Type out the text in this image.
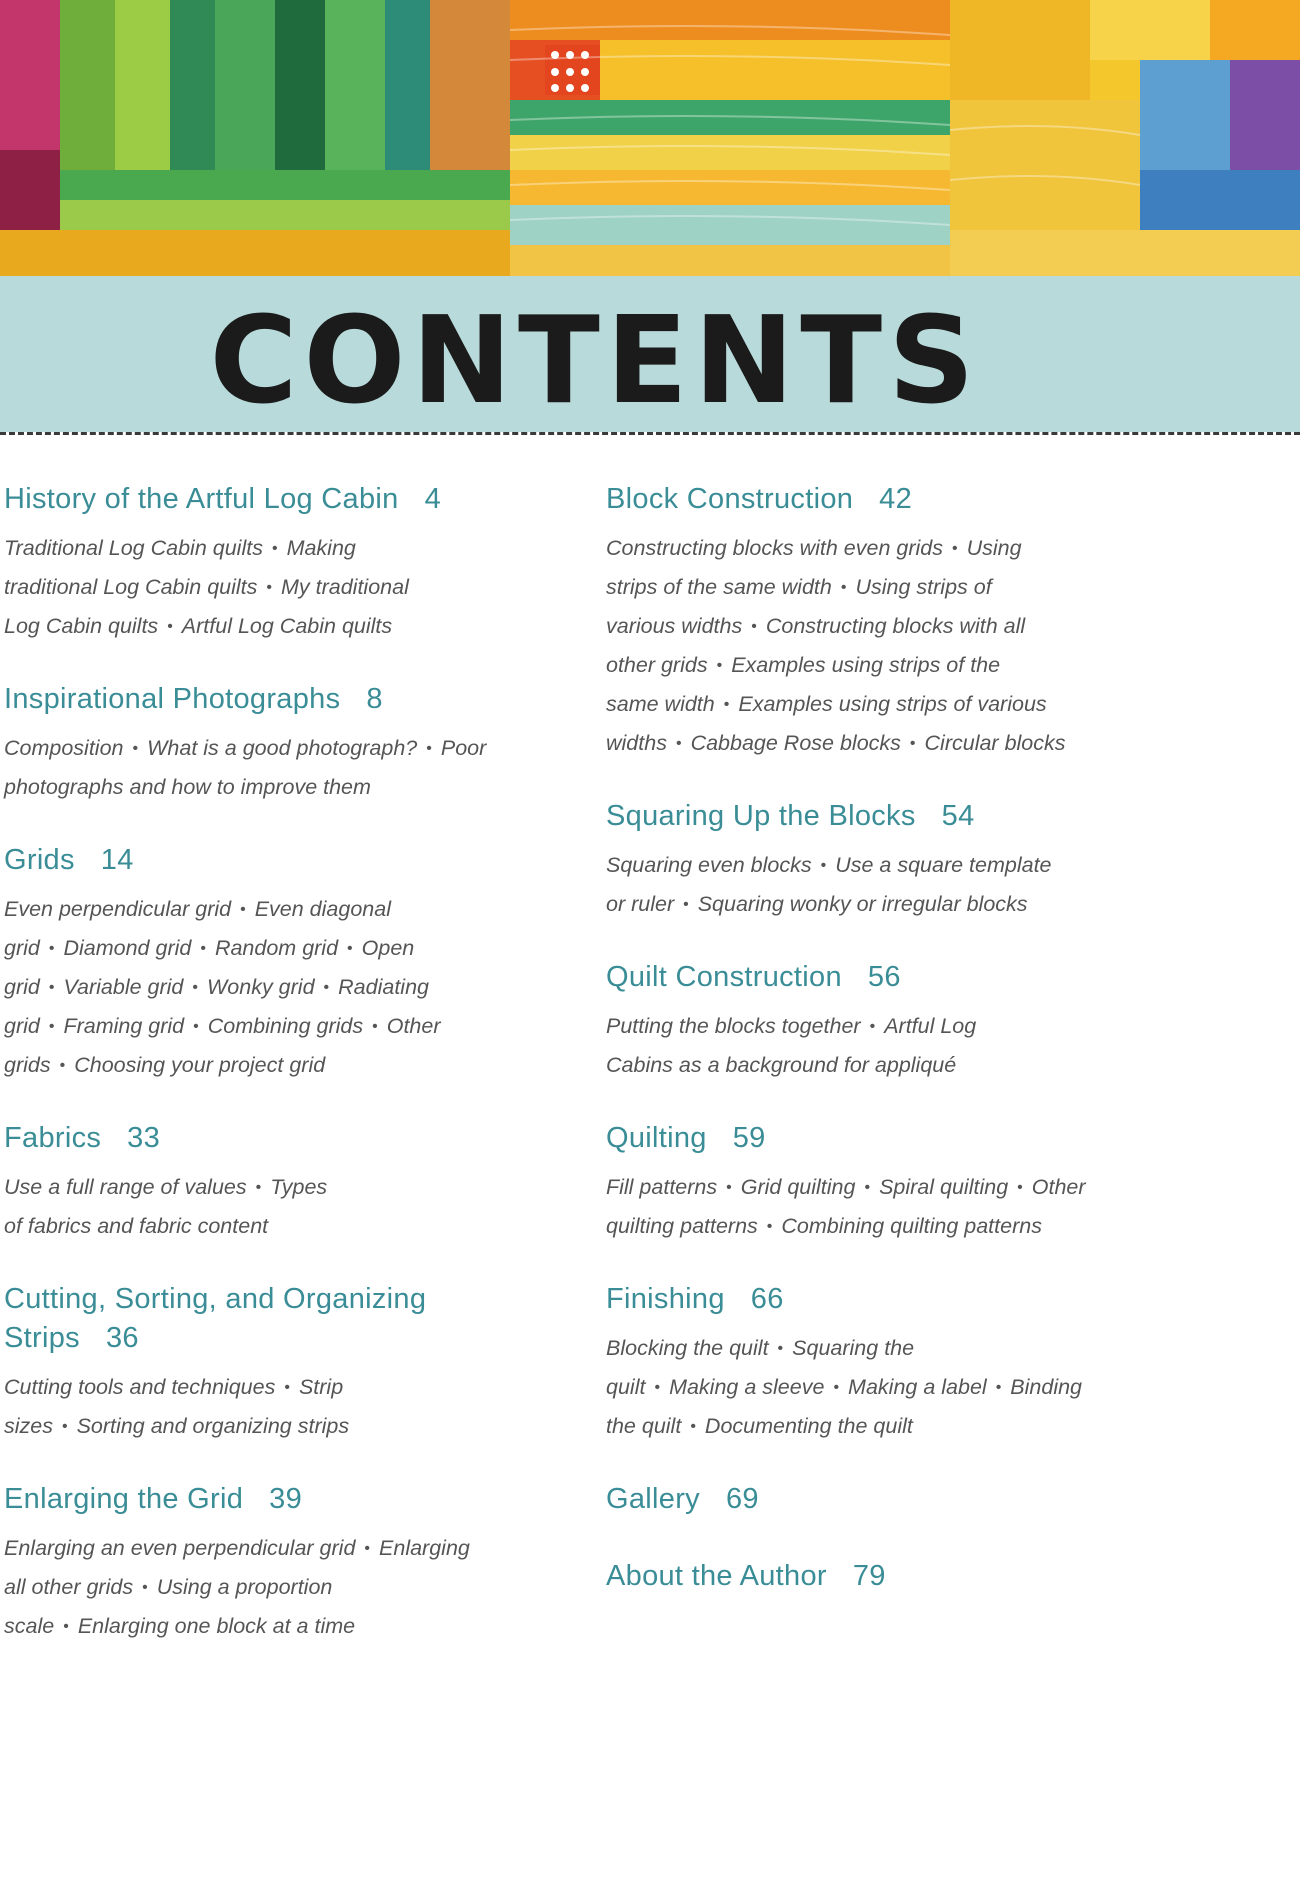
CONTENTS

History of the Artful Log Cabin 4

Traditional Log Cabin quilts • Making
traditional Log Cabin quilts • My traditional
Log Cabin quilts • Artful Log Cabin quilts

Inspirational Photographs 8

Composition • What is a good photograph? • Poor
photographs and how to improve them

Grids 14

Even perpendicular grid • Even diagonal
grid • Diamond grid • Random grid • Open
grid • Variable grid • Wonky grid • Radiating
grid • Framing grid • Combining grids • Other
grids • Choosing your project grid

Fabrics 33

Use a full range of values • Types
of fabrics and fabric content

Cutting, Sorting, and Organizing
Strips 36

Cutting tools and techniques • Strip
sizes • Sorting and organizing strips

Enlarging the Grid 39

Enlarging an even perpendicular grid • Enlarging
all other grids • Using a proportion
scale • Enlarging one block at a time

Block Construction 42

Constructing blocks with even grids • Using
strips of the same width • Using strips of
various widths • Constructing blocks with all
other grids • Examples using strips of the
same width • Examples using strips of various
widths • Cabbage Rose blocks • Circular blocks

Squaring Up the Blocks 54

Squaring even blocks • Use a square template
or ruler • Squaring wonky or irregular blocks

Quilt Construction 56

Putting the blocks together • Artful Log
Cabins as a background for appliqué

Quilting 59

Fill patterns • Grid quilting • Spiral quilting • Other
quilting patterns • Combining quilting patterns

Finishing 66

Blocking the quilt • Squaring the
quilt • Making a sleeve • Making a label • Binding
the quilt • Documenting the quilt

Gallery 69

About the Author 79
